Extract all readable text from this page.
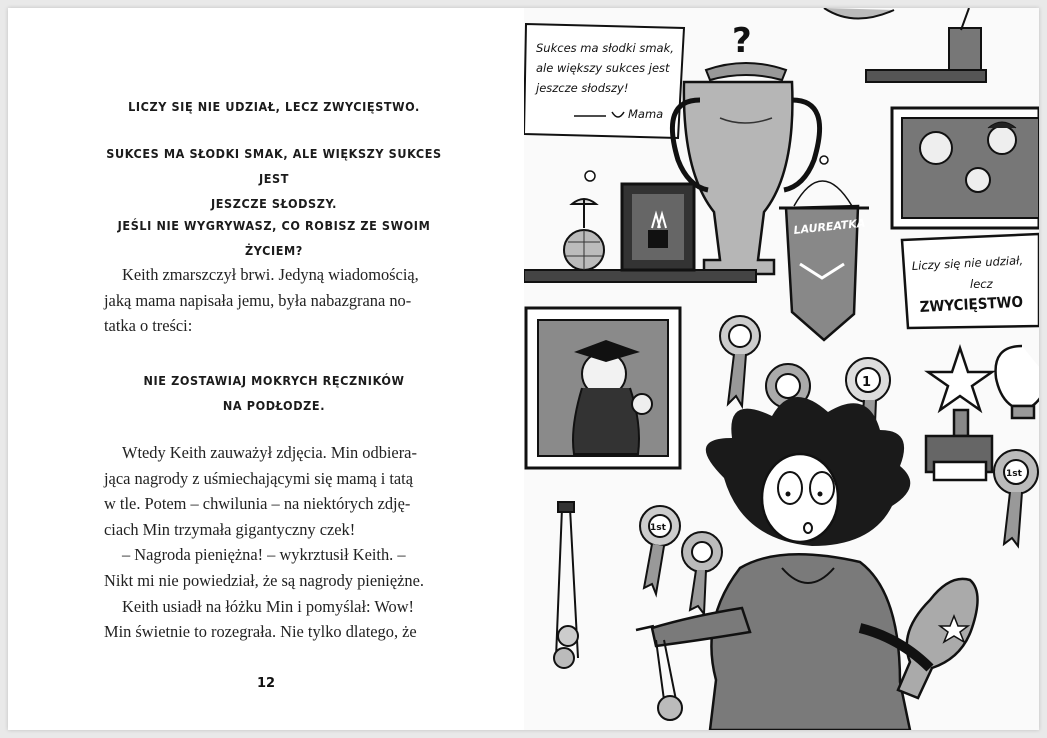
LICZY SIĘ NIE UDZIAŁ, LECZ ZWYCIĘSTWO.
SUKCES MA SŁODKI SMAK, ALE WIĘKSZY SUKCES JEST
JESZCZE SŁODSZY.
JEŚLI NIE WYGRYWASZ, CO ROBISZ ZE SWOIM ŻYCIEM?
Keith zmarszczył brwi. Jedyną wiadomością,
jaką mama napisała jemu, była nabazgrana no-
tatka o treści:
NIE ZOSTAWIAJ MOKRYCH RĘCZNIKÓW
NA PODŁODZE.
Wtedy Keith zauważył zdjęcia. Min odbiera-
jąca nagrody z uśmiechającymi się mamą i tatą
w tle. Potem – chwilunia – na niektórych zdję-
ciach Min trzymała gigantyczny czek!
– Nagroda pieniężna! – wykrztusił Keith. –
Nikt mi nie powiedział, że są nagrody pieniężne.
Keith usiadł na łóżku Min i pomyślał: Wow!
Min świetnie to rozegrała. Nie tylko dlatego, że
12
Sukces ma słodki smak,
ale większy sukces jest
jeszcze słodszy!
Mama
?
LAUREATKA
Liczy się nie udział,
lecz
ZWYCIĘSTWO
1
1st
1st
